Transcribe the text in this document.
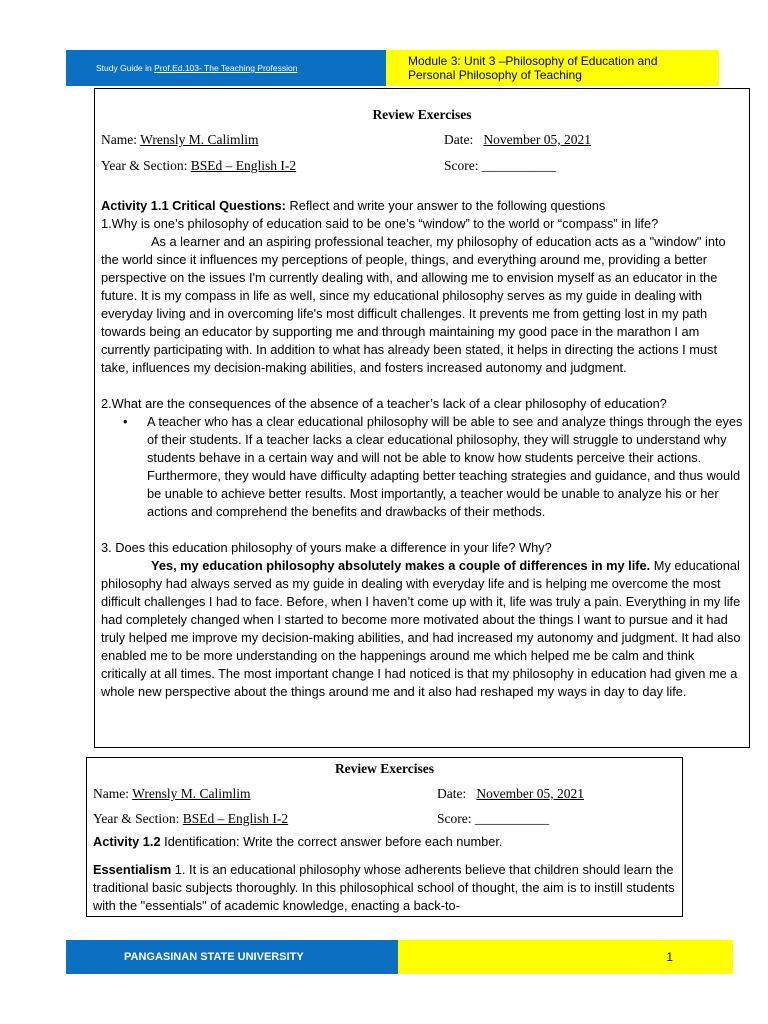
Study Guide in Prof.Ed.103- The Teaching Profession	Module 3: Unit 3 –Philosophy of Education and
Personal Philosophy of Teaching
Review Exercises
Name: Wrensly M. Calimlim	Date: November 05, 2021
Year & Section: BSEd – English I-2	Score: ___________

Activity 1.1 Critical Questions: Reflect and write your answer to the following questions

1.Why is one’s philosophy of education said to be one’s “window” to the world or “compass” in life?

As a learner and an aspiring professional teacher, my philosophy of education acts as a "window" into the world since it influences my perceptions of people, things, and everything around me, providing a better perspective on the issues I'm currently dealing with, and allowing me to envision myself as an educator in the future. It is my compass in life as well, since my educational philosophy serves as my guide in dealing with everyday living and in overcoming life's most difficult challenges. It prevents me from getting lost in my path towards being an educator by supporting me and through maintaining my good pace in the marathon I am currently participating with. In addition to what has already been stated, it helps in directing the actions I must take, influences my decision-making abilities, and fosters increased autonomy and judgment.

2.What are the consequences of the absence of a teacher’s lack of a clear philosophy of education?

• A teacher who has a clear educational philosophy will be able to see and analyze things through the eyes of their students. If a teacher lacks a clear educational philosophy, they will struggle to understand why students behave in a certain way and will not be able to know how students perceive their actions. Furthermore, they would have difficulty adapting better teaching strategies and guidance, and thus would be unable to achieve better results. Most importantly, a teacher would be unable to analyze his or her actions and comprehend the benefits and drawbacks of their methods.

3. Does this education philosophy of yours make a difference in your life? Why?

Yes, my education philosophy absolutely makes a couple of differences in my life. My educational philosophy had always served as my guide in dealing with everyday life and is helping me overcome the most difficult challenges I had to face. Before, when I haven’t come up with it, life was truly a pain. Everything in my life had completely changed when I started to become more motivated about the things I want to pursue and it had truly helped me improve my decision-making abilities, and had increased my autonomy and judgment. It had also enabled me to be more understanding on the happenings around me which helped me be calm and think critically at all times. The most important change I had noticed is that my philosophy in education had given me a whole new perspective about the things around me and it also had reshaped my ways in day to day life.

Review Exercises
Name: Wrensly M. Calimlim	Date: November 05, 2021
Year & Section: BSEd – English I-2	Score: ___________

Activity 1.2 Identification: Write the correct answer before each number.

Essentialism 1. It is an educational philosophy whose adherents believe that children should learn the traditional basic subjects thoroughly. In this philosophical school of thought, the aim is to instill students with the "essentials" of academic knowledge, enacting a back-to-

PANGASINAN STATE UNIVERSITY	1
